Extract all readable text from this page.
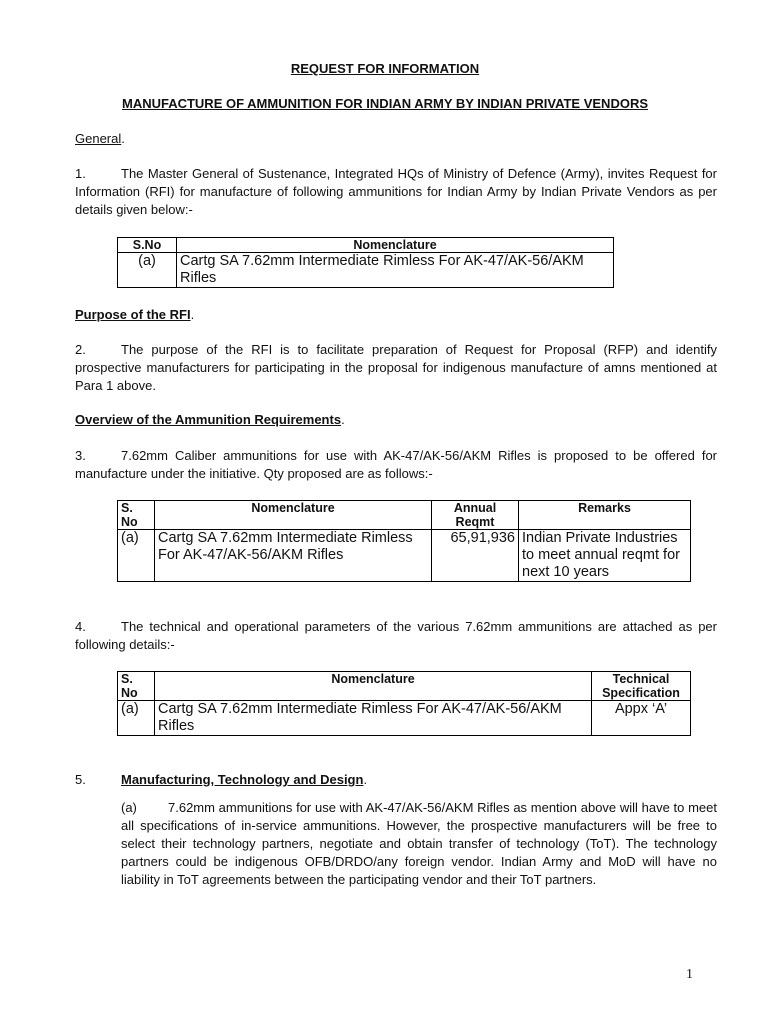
REQUEST FOR INFORMATION
MANUFACTURE OF AMMUNITION FOR INDIAN ARMY BY INDIAN PRIVATE VENDORS
General.
1.	The Master General of Sustenance, Integrated HQs of Ministry of Defence (Army), invites Request for Information (RFI) for manufacture of following ammunitions for Indian Army by Indian Private Vendors as per details given below:-
S.No	Nomenclature
(a)	Cartg SA 7.62mm Intermediate Rimless For AK-47/AK-56/AKM Rifles
Purpose of the RFI.
2.	The purpose of the RFI is to facilitate preparation of Request for Proposal (RFP) and identify prospective manufacturers for participating in the proposal for indigenous manufacture of amns mentioned at Para 1 above.
Overview of the Ammunition Requirements.
3.	7.62mm Caliber ammunitions for use with AK-47/AK-56/AKM Rifles is proposed to be offered for manufacture under the initiative. Qty proposed are as follows:-
S. No	Nomenclature	Annual Reqmt	Remarks
(a)	Cartg SA 7.62mm Intermediate Rimless For AK-47/AK-56/AKM Rifles	65,91,936	Indian Private Industries to meet annual reqmt for next 10 years
4.	The technical and operational parameters of the various 7.62mm ammunitions are attached as per following details:-
S. No	Nomenclature	Technical Specification
(a)	Cartg SA 7.62mm Intermediate Rimless For AK-47/AK-56/AKM Rifles	Appx ‘A’
5.	Manufacturing, Technology and Design.
(a) 7.62mm ammunitions for use with AK-47/AK-56/AKM Rifles as mention above will have to meet all specifications of in-service ammunitions. However, the prospective manufacturers will be free to select their technology partners, negotiate and obtain transfer of technology (ToT). The technology partners could be indigenous OFB/DRDO/any foreign vendor. Indian Army and MoD will have no liability in ToT agreements between the participating vendor and their ToT partners.
1
